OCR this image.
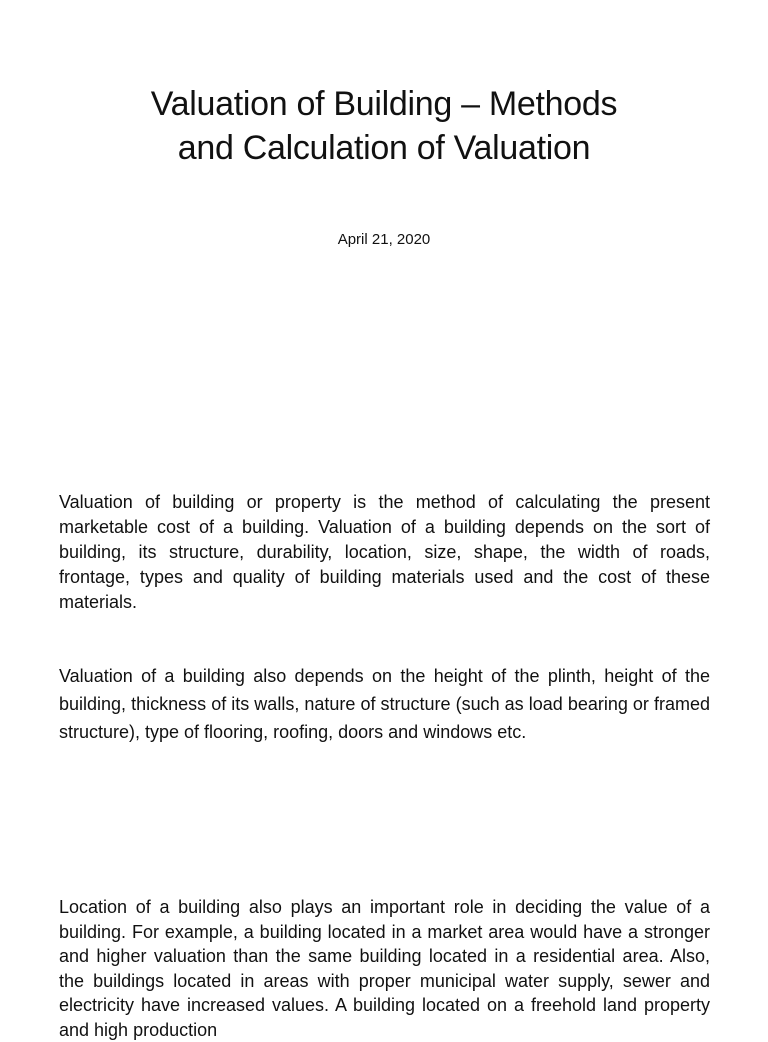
Valuation of Building – Methods
and Calculation of Valuation
April 21, 2020

Valuation of building or property is the method of calculating the present marketable cost of a building. Valuation of a building depends on the sort of building, its structure, durability, location, size, shape, the width of roads, frontage, types and quality of building materials used and the cost of these materials.

Valuation of a building also depends on the height of the plinth, height of the building, thickness of its walls, nature of structure (such as load bearing or framed structure), type of flooring, roofing, doors and windows etc.

Location of a building also plays an important role in deciding the value of a building. For example, a building located in a market area would have a stronger and higher valuation than the same building located in a residential area. Also, the buildings located in areas with proper municipal water supply, sewer and electricity have increased values. A building located on a freehold land property and high production
